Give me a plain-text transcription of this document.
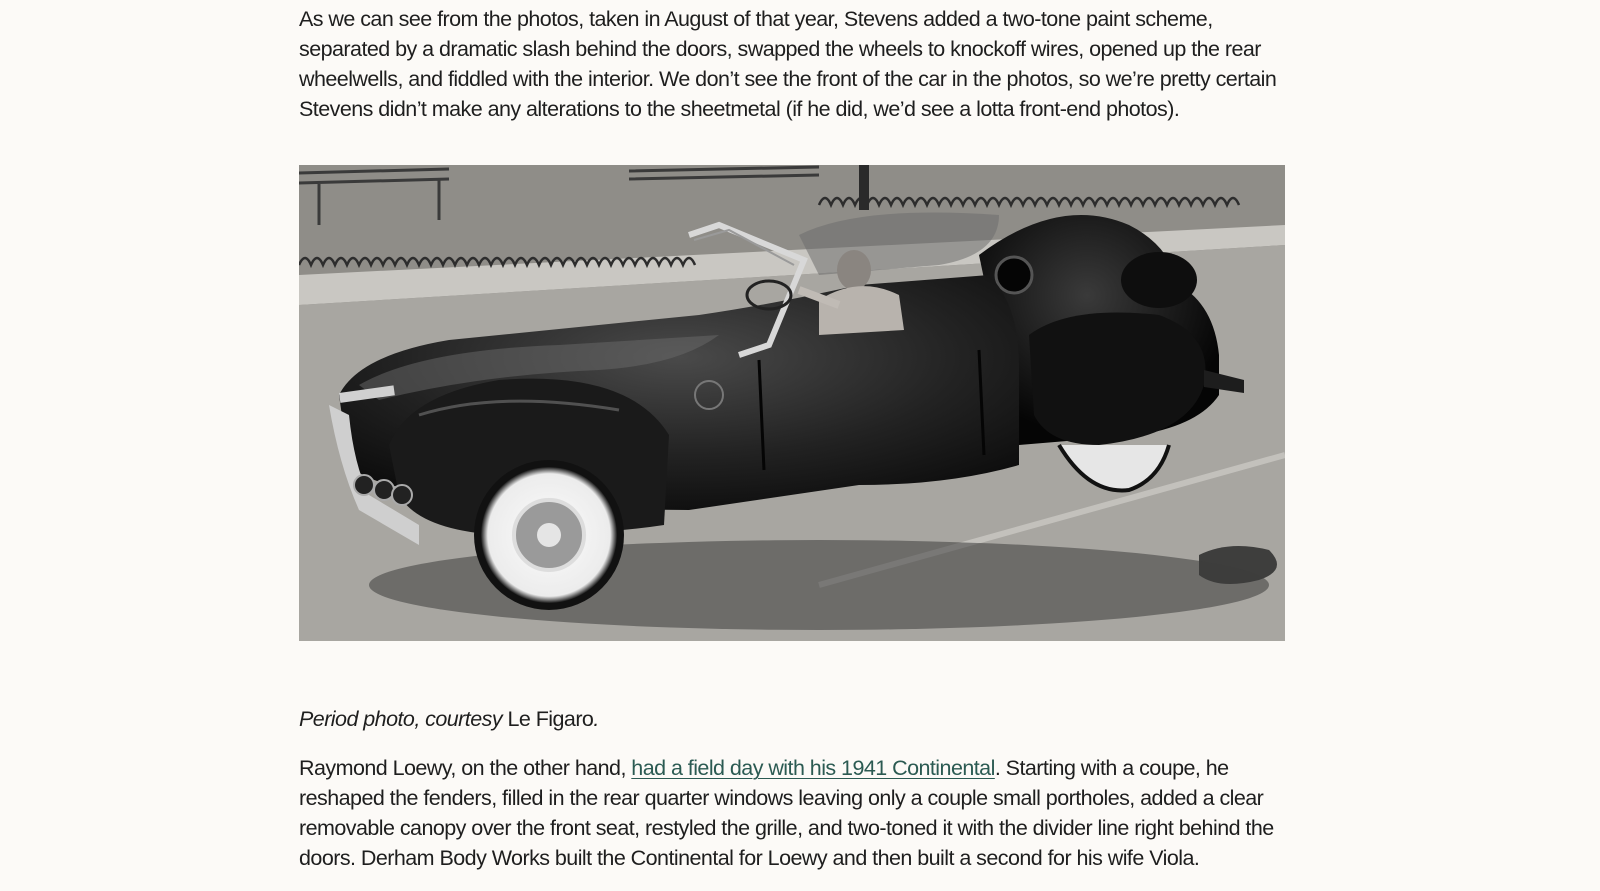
As we can see from the photos, taken in August of that year, Stevens added a two-tone paint scheme, separated by a dramatic slash behind the doors, swapped the wheels to knockoff wires, opened up the rear wheelwells, and fiddled with the interior. We don’t see the front of the car in the photos, so we’re pretty certain Stevens didn’t make any alterations to the sheetmetal (if he did, we’d see a lotta front-end photos).

Period photo, courtesy Le Figaro.

Raymond Loewy, on the other hand, had a field day with his 1941 Continental. Starting with a coupe, he reshaped the fenders, filled in the rear quarter windows leaving only a couple small portholes, added a clear removable canopy over the front seat, restyled the grille, and two-toned it with the divider line right behind the doors. Derham Body Works built the Continental for Loewy and then built a second for his wife Viola.
